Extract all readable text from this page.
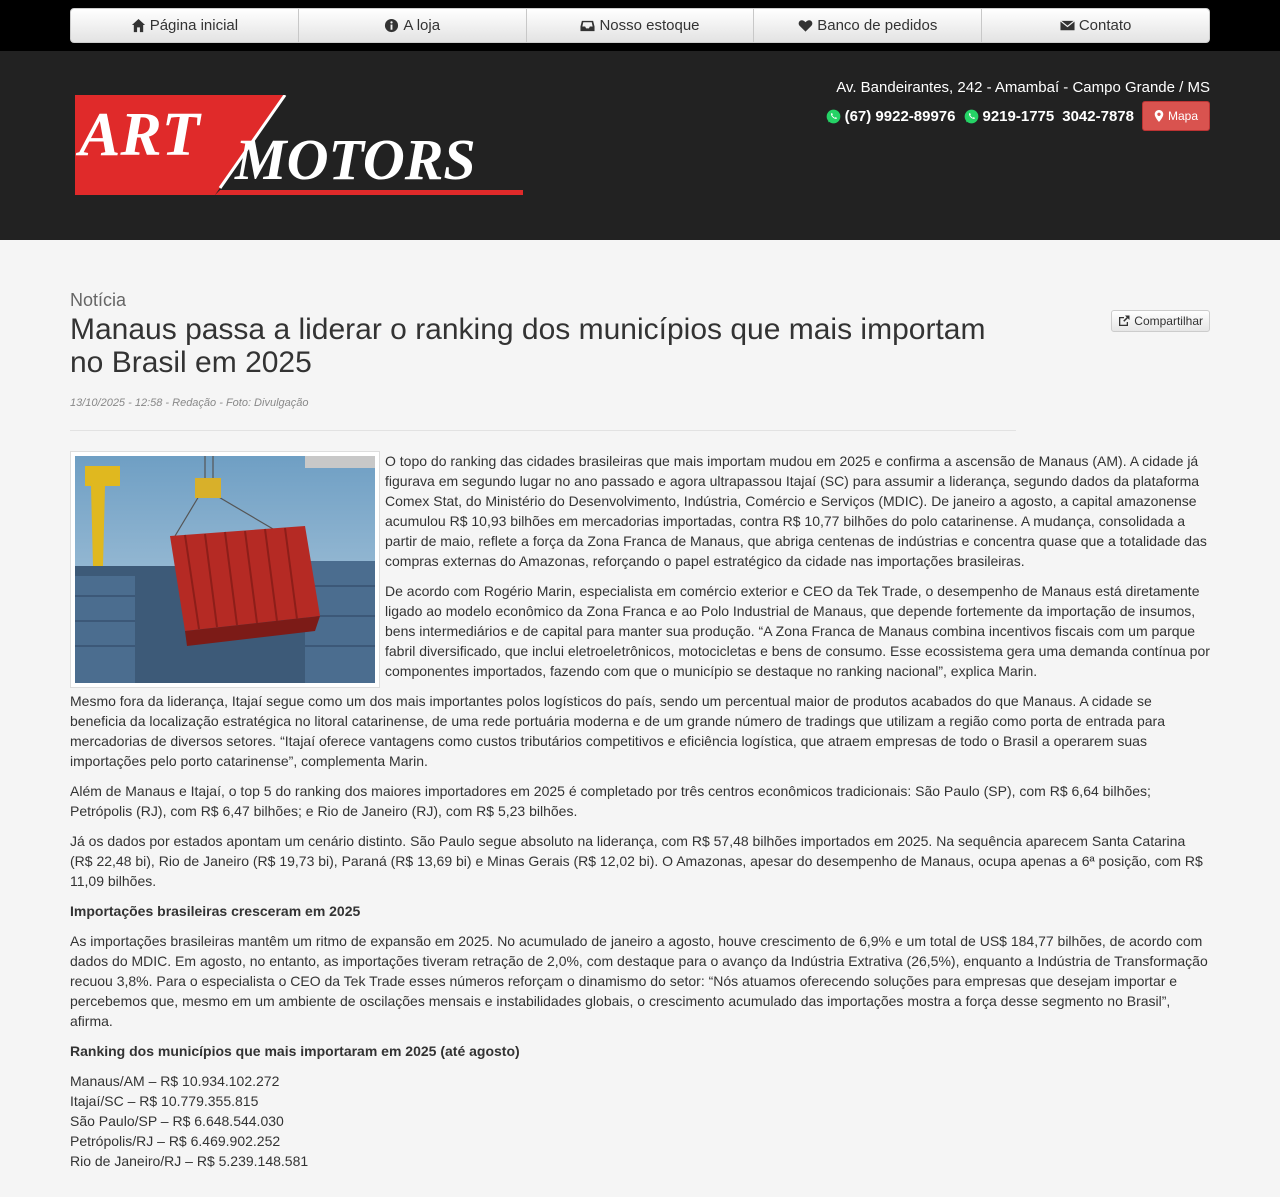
Página inicial	A loja	Nosso estoque	Banco de pedidos	Contato
ART MOTORS
Av. Bandeirantes, 242 - Amambaí - Campo Grande / MS
(67) 9922-89976 9219-1775 3042-7878	Mapa
Notícia
Manaus passa a liderar o ranking dos municípios que mais importam no Brasil em 2025
13/10/2025 - 12:58 - Redação - Foto: Divulgação
Compartilhar

O topo do ranking das cidades brasileiras que mais importam mudou em 2025 e confirma a ascensão de Manaus (AM). A cidade já figurava em segundo lugar no ano passado e agora ultrapassou Itajaí (SC) para assumir a liderança, segundo dados da plataforma Comex Stat, do Ministério do Desenvolvimento, Indústria, Comércio e Serviços (MDIC). De janeiro a agosto, a capital amazonense acumulou R$ 10,93 bilhões em mercadorias importadas, contra R$ 10,77 bilhões do polo catarinense. A mudança, consolidada a partir de maio, reflete a força da Zona Franca de Manaus, que abriga centenas de indústrias e concentra quase que a totalidade das compras externas do Amazonas, reforçando o papel estratégico da cidade nas importações brasileiras.

De acordo com Rogério Marin, especialista em comércio exterior e CEO da Tek Trade, o desempenho de Manaus está diretamente ligado ao modelo econômico da Zona Franca e ao Polo Industrial de Manaus, que depende fortemente da importação de insumos, bens intermediários e de capital para manter sua produção. “A Zona Franca de Manaus combina incentivos fiscais com um parque fabril diversificado, que inclui eletroeletrônicos, motocicletas e bens de consumo. Esse ecossistema gera uma demanda contínua por componentes importados, fazendo com que o município se destaque no ranking nacional”, explica Marin.

Mesmo fora da liderança, Itajaí segue como um dos mais importantes polos logísticos do país, sendo um percentual maior de produtos acabados do que Manaus. A cidade se beneficia da localização estratégica no litoral catarinense, de uma rede portuária moderna e de um grande número de tradings que utilizam a região como porta de entrada para mercadorias de diversos setores. “Itajaí oferece vantagens como custos tributários competitivos e eficiência logística, que atraem empresas de todo o Brasil a operarem suas importações pelo porto catarinense”, complementa Marin.

Além de Manaus e Itajaí, o top 5 do ranking dos maiores importadores em 2025 é completado por três centros econômicos tradicionais: São Paulo (SP), com R$ 6,64 bilhões; Petrópolis (RJ), com R$ 6,47 bilhões; e Rio de Janeiro (RJ), com R$ 5,23 bilhões.

Já os dados por estados apontam um cenário distinto. São Paulo segue absoluto na liderança, com R$ 57,48 bilhões importados em 2025. Na sequência aparecem Santa Catarina (R$ 22,48 bi), Rio de Janeiro (R$ 19,73 bi), Paraná (R$ 13,69 bi) e Minas Gerais (R$ 12,02 bi). O Amazonas, apesar do desempenho de Manaus, ocupa apenas a 6ª posição, com R$ 11,09 bilhões.

Importações brasileiras cresceram em 2025

As importações brasileiras mantêm um ritmo de expansão em 2025. No acumulado de janeiro a agosto, houve crescimento de 6,9% e um total de US$ 184,77 bilhões, de acordo com dados do MDIC. Em agosto, no entanto, as importações tiveram retração de 2,0%, com destaque para o avanço da Indústria Extrativa (26,5%), enquanto a Indústria de Transformação recuou 3,8%. Para o especialista o CEO da Tek Trade esses números reforçam o dinamismo do setor: “Nós atuamos oferecendo soluções para empresas que desejam importar e percebemos que, mesmo em um ambiente de oscilações mensais e instabilidades globais, o crescimento acumulado das importações mostra a força desse segmento no Brasil”, afirma.

Ranking dos municípios que mais importaram em 2025 (até agosto)

Manaus/AM – R$ 10.934.102.272
Itajaí/SC – R$ 10.779.355.815
São Paulo/SP – R$ 6.648.544.030
Petrópolis/RJ – R$ 6.469.902.252
Rio de Janeiro/RJ – R$ 5.239.148.581
